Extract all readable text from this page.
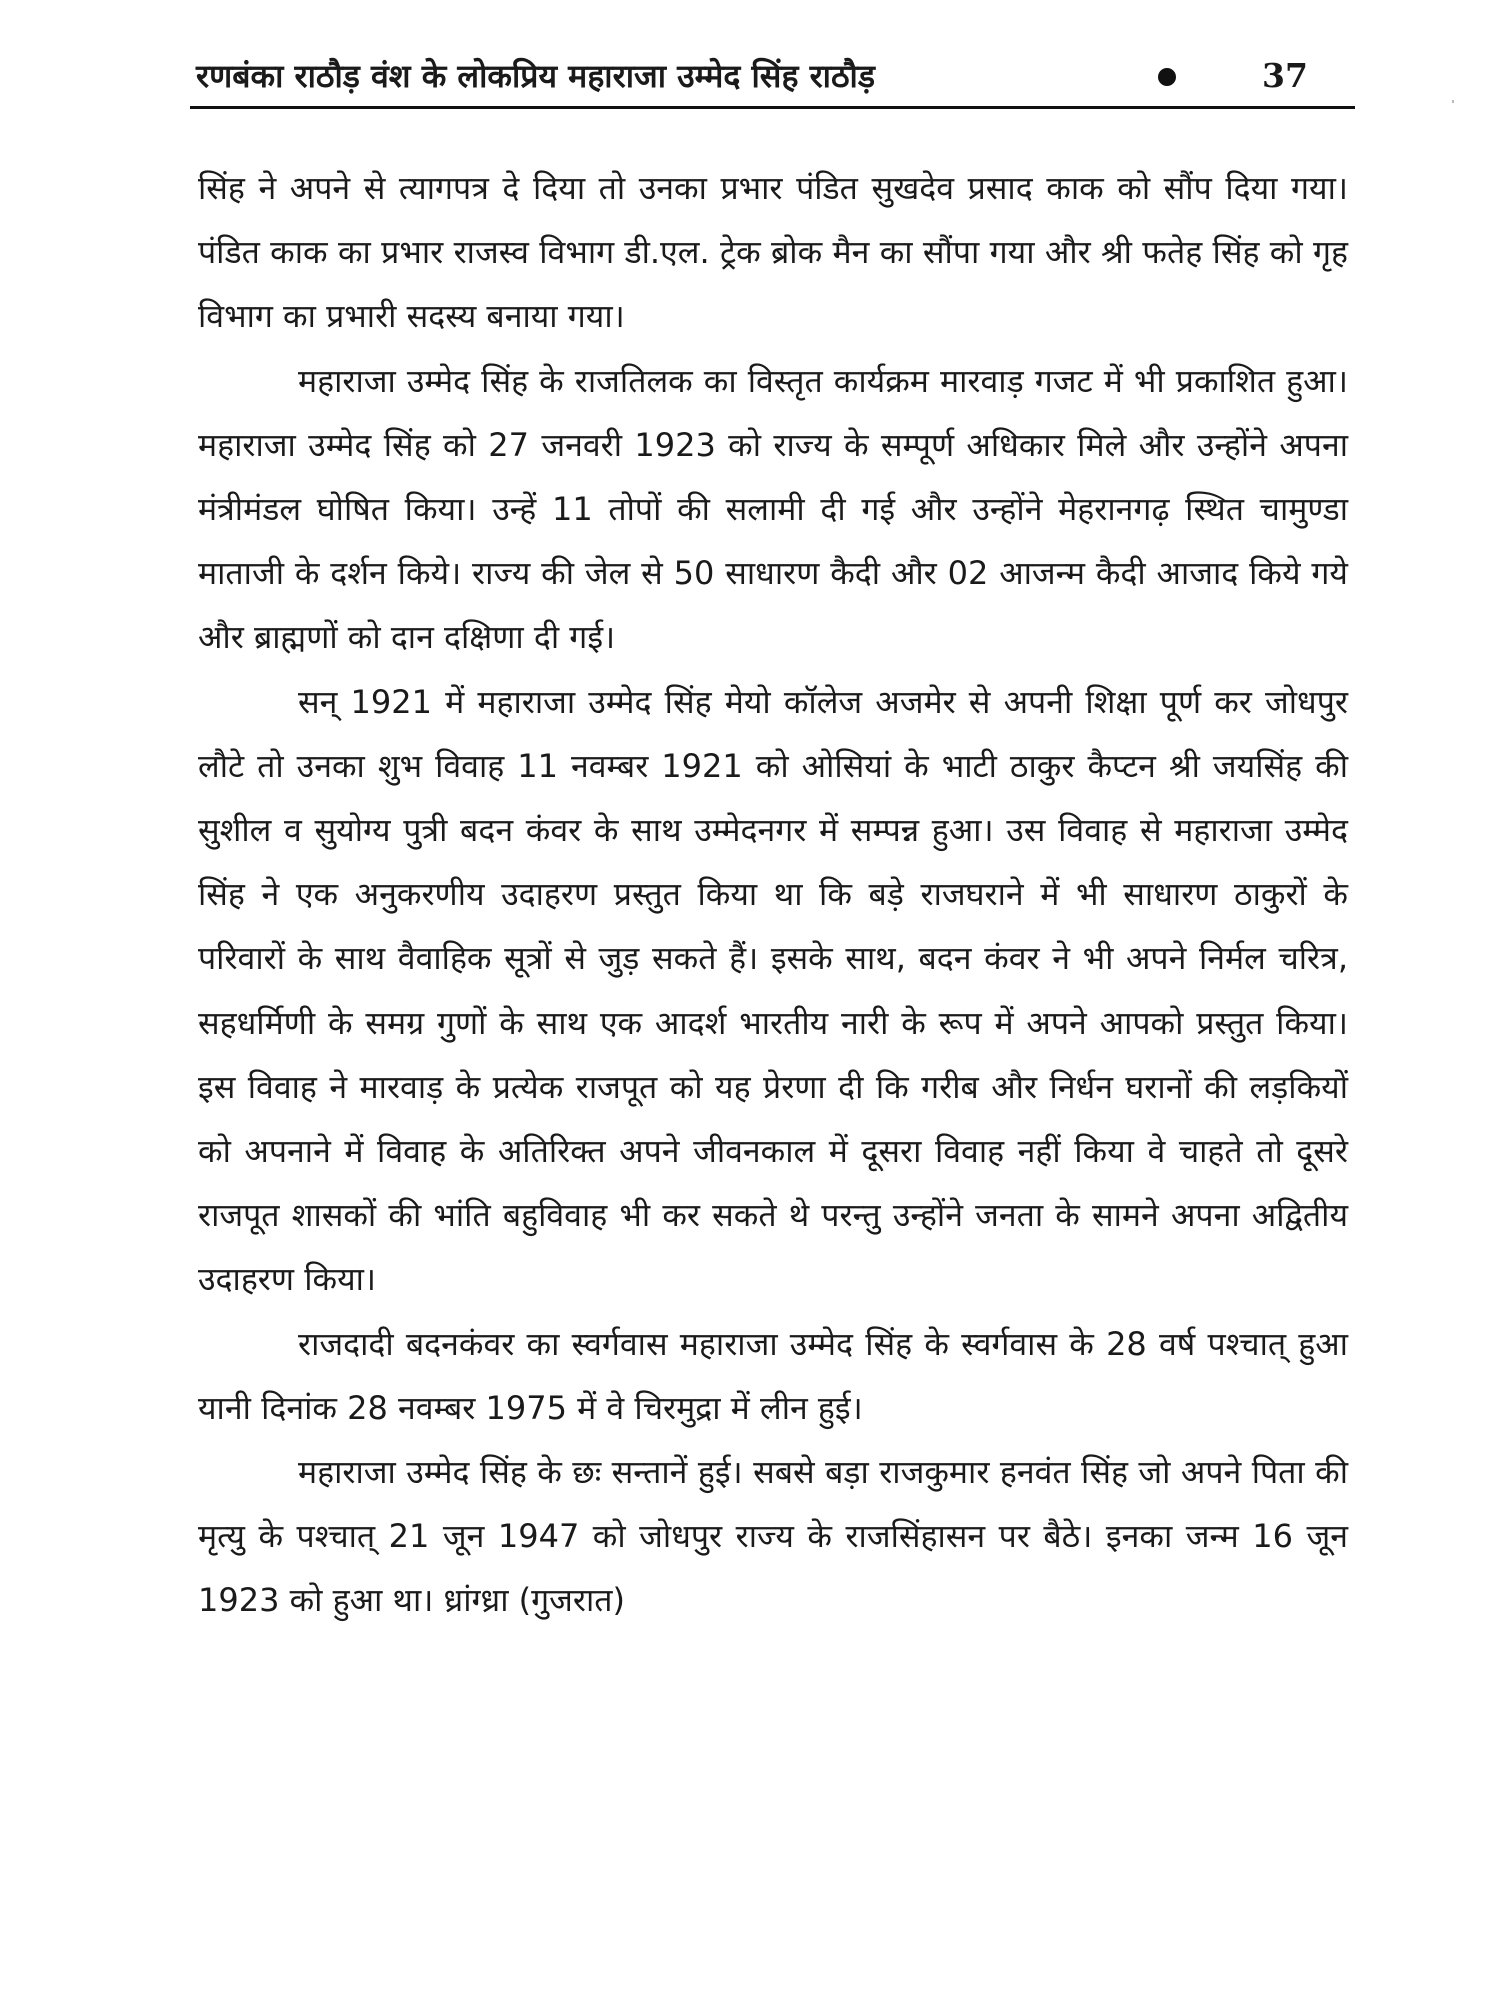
रणबंका राठौड़ वंश के लोकप्रिय महाराजा उम्मेद सिंह राठौड़	37

सिंह ने अपने से त्यागपत्र दे दिया तो उनका प्रभार पंडित सुखदेव प्रसाद काक को सौंप दिया गया। पंडित काक का प्रभार राजस्व विभाग डी.एल. ट्रेक ब्रोक मैन का सौंपा गया और श्री फतेह सिंह को गृह विभाग का प्रभारी सदस्य बनाया गया।

महाराजा उम्मेद सिंह के राजतिलक का विस्तृत कार्यक्रम मारवाड़ गजट में भी प्रकाशित हुआ। महाराजा उम्मेद सिंह को 27 जनवरी 1923 को राज्य के सम्पूर्ण अधिकार मिले और उन्होंने अपना मंत्रीमंडल घोषित किया। उन्हें 11 तोपों की सलामी दी गई और उन्होंने मेहरानगढ़ स्थित चामुण्डा माताजी के दर्शन किये। राज्य की जेल से 50 साधारण कैदी और 02 आजन्म कैदी आजाद किये गये और ब्राह्मणों को दान दक्षिणा दी गई।

सन् 1921 में महाराजा उम्मेद सिंह मेयो कॉलेज अजमेर से अपनी शिक्षा पूर्ण कर जोधपुर लौटे तो उनका शुभ विवाह 11 नवम्बर 1921 को ओसियां के भाटी ठाकुर कैप्टन श्री जयसिंह की सुशील व सुयोग्य पुत्री बदन कंवर के साथ उम्मेदनगर में सम्पन्न हुआ। उस विवाह से महाराजा उम्मेद सिंह ने एक अनुकरणीय उदाहरण प्रस्तुत किया था कि बड़े राजघराने में भी साधारण ठाकुरों के परिवारों के साथ वैवाहिक सूत्रों से जुड़ सकते हैं। इसके साथ, बदन कंवर ने भी अपने निर्मल चरित्र, सहधर्मिणी के समग्र गुणों के साथ एक आदर्श भारतीय नारी के रूप में अपने आपको प्रस्तुत किया। इस विवाह ने मारवाड़ के प्रत्येक राजपूत को यह प्रेरणा दी कि गरीब और निर्धन घरानों की लड़कियों को अपनाने में विवाह के अतिरिक्त अपने जीवनकाल में दूसरा विवाह नहीं किया वे चाहते तो दूसरे राजपूत शासकों की भांति बहुविवाह भी कर सकते थे परन्तु उन्होंने जनता के सामने अपना अद्वितीय उदाहरण किया।

राजदादी बदनकंवर का स्वर्गवास महाराजा उम्मेद सिंह के स्वर्गवास के 28 वर्ष पश्चात् हुआ यानी दिनांक 28 नवम्बर 1975 में वे चिरमुद्रा में लीन हुई।

महाराजा उम्मेद सिंह के छः सन्तानें हुई। सबसे बड़ा राजकुमार हनवंत सिंह जो अपने पिता की मृत्यु के पश्चात् 21 जून 1947 को जोधपुर राज्य के राजसिंहासन पर बैठे। इनका जन्म 16 जून 1923 को हुआ था। ध्रांग्ध्रा (गुजरात)
